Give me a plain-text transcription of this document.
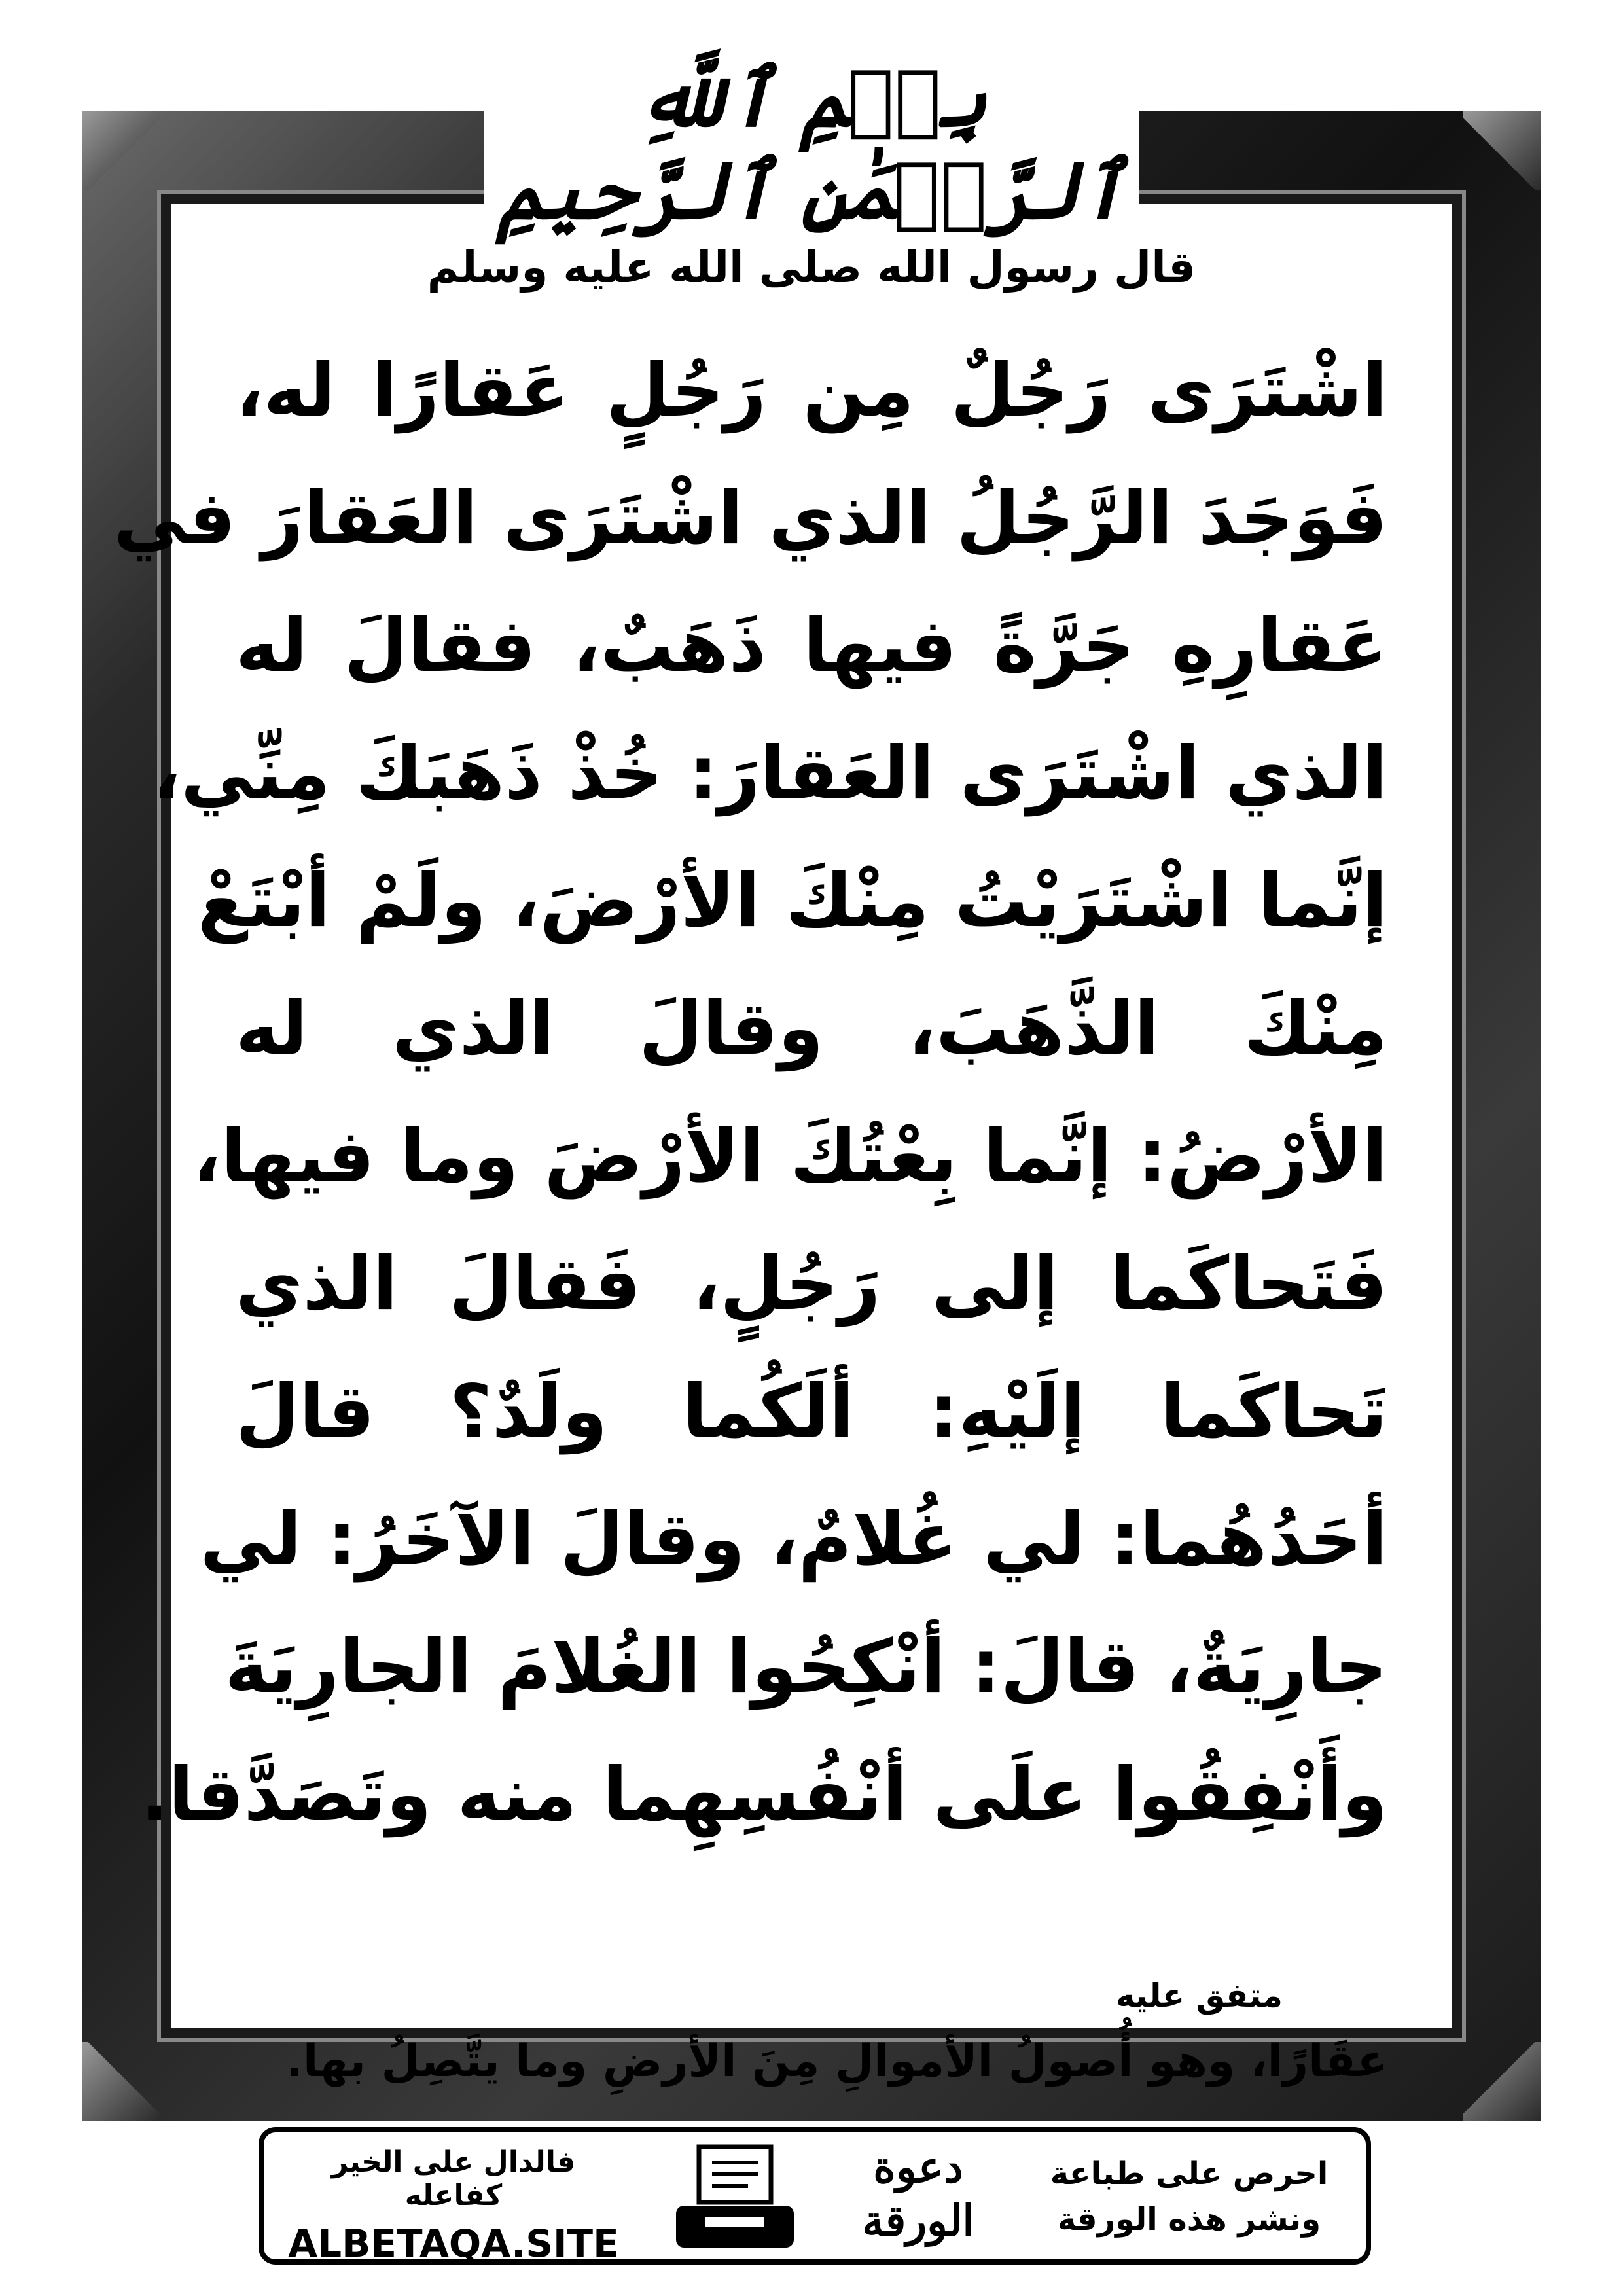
بِسۡمِ ٱللَّهِ ٱلرَّحۡمَٰنِ ٱلرَّحِيمِ
قال رسول الله صلى الله عليه وسلم
اشْتَرَى رَجُلٌ مِن رَجُلٍ عَقارًا له،
فَوَجَدَ الرَّجُلُ الذي اشْتَرَى العَقارَ في
عَقارِهِ جَرَّةً فيها ذَهَبٌ، فقالَ له
الذي اشْتَرَى العَقارَ: خُذْ ذَهَبَكَ مِنِّي،
إنَّما اشْتَرَيْتُ مِنْكَ الأرْضَ، ولَمْ أبْتَعْ
مِنْكَ الذَّهَبَ، وقالَ الذي له
الأرْضُ: إنَّما بِعْتُكَ الأرْضَ وما فيها،
فَتَحاكَما إلى رَجُلٍ، فَقالَ الذي
تَحاكَما إلَيْهِ: ألَكُما ولَدٌ؟ قالَ
أحَدُهُما: لي غُلامٌ، وقالَ الآخَرُ: لي
جارِيَةٌ، قالَ: أنْكِحُوا الغُلامَ الجارِيَةَ
وأَنْفِقُوا علَى أنْفُسِهِما منه وتَصَدَّقا.
متفق عليه
عقَارًا، وهو أُصولُ الأموالِ مِنَ الأرضِ وما يتَّصِلُ بها.
فالدال على الخير كفاعله
ALBETAQA.SITE
دعوة الورقة
احرص على طباعة
ونشر هذه الورقة
